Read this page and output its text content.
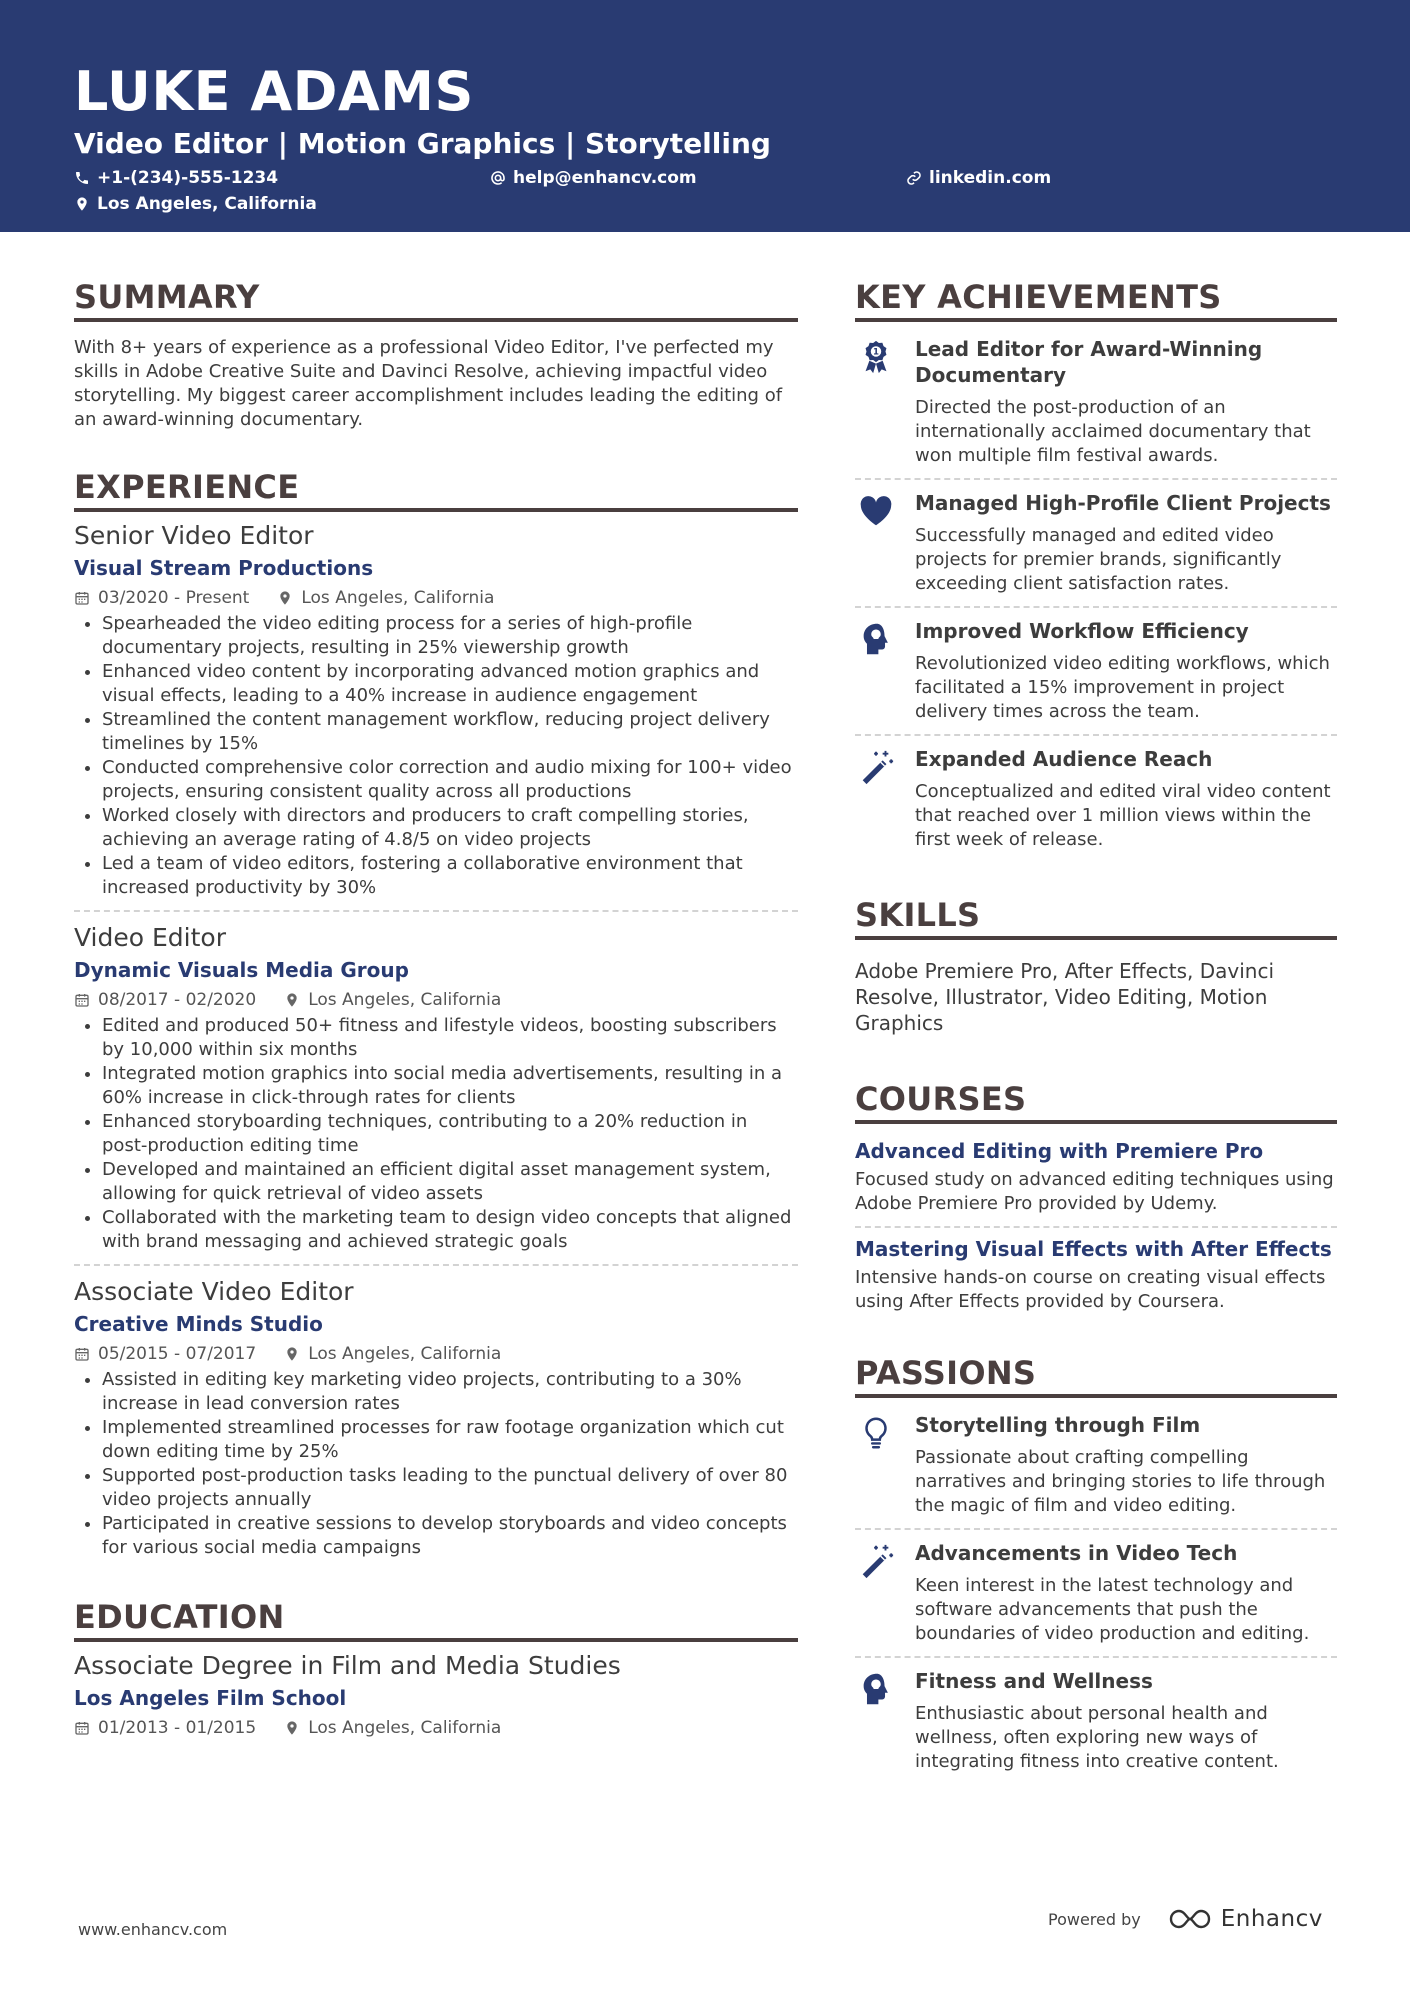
LUKE ADAMS
Video Editor | Motion Graphics | Storytelling
+1-(234)-555-1234	help@enhancv.com	linkedin.com
Los Angeles, California
SUMMARY

With 8+ years of experience as a professional Video Editor, I've perfected my skills in Adobe Creative Suite and Davinci Resolve, achieving impactful video storytelling. My biggest career accomplishment includes leading the editing of an award-winning documentary.

EXPERIENCE
Senior Video Editor
Visual Stream Productions
03/2020 - Present	Los Angeles, California
• Spearheaded the video editing process for a series of high-profile documentary projects, resulting in 25% viewership growth
• Enhanced video content by incorporating advanced motion graphics and visual effects, leading to a 40% increase in audience engagement
• Streamlined the content management workflow, reducing project delivery timelines by 15%
• Conducted comprehensive color correction and audio mixing for 100+ video projects, ensuring consistent quality across all productions
• Worked closely with directors and producers to craft compelling stories, achieving an average rating of 4.8/5 on video projects
• Led a team of video editors, fostering a collaborative environment that increased productivity by 30%
Video Editor
Dynamic Visuals Media Group
08/2017 - 02/2020	Los Angeles, California
• Edited and produced 50+ fitness and lifestyle videos, boosting subscribers by 10,000 within six months
• Integrated motion graphics into social media advertisements, resulting in a 60% increase in click-through rates for clients
• Enhanced storyboarding techniques, contributing to a 20% reduction in post-production editing time
• Developed and maintained an efficient digital asset management system, allowing for quick retrieval of video assets
• Collaborated with the marketing team to design video concepts that aligned with brand messaging and achieved strategic goals
Associate Video Editor
Creative Minds Studio
05/2015 - 07/2017	Los Angeles, California
• Assisted in editing key marketing video projects, contributing to a 30% increase in lead conversion rates
• Implemented streamlined processes for raw footage organization which cut down editing time by 25%
• Supported post-production tasks leading to the punctual delivery of over 80 video projects annually
• Participated in creative sessions to develop storyboards and video concepts for various social media campaigns
EDUCATION
Associate Degree in Film and Media Studies
Los Angeles Film School
01/2013 - 01/2015	Los Angeles, California
KEY ACHIEVEMENTS
1 Lead Editor for Award-Winning Documentary
Directed the post-production of an internationally acclaimed documentary that won multiple film festival awards.
Managed High-Profile Client Projects
Successfully managed and edited video projects for premier brands, significantly exceeding client satisfaction rates.
Improved Workflow Efficiency
Revolutionized video editing workflows, which facilitated a 15% improvement in project delivery times across the team.
Expanded Audience Reach
Conceptualized and edited viral video content that reached over 1 million views within the first week of release.
SKILLS

Adobe Premiere Pro, After Effects, Davinci Resolve, Illustrator, Video Editing, Motion Graphics

COURSES
Advanced Editing with Premiere Pro
Focused study on advanced editing techniques using Adobe Premiere Pro provided by Udemy.
Mastering Visual Effects with After Effects
Intensive hands-on course on creating visual effects using After Effects provided by Coursera.
PASSIONS
Storytelling through Film
Passionate about crafting compelling narratives and bringing stories to life through the magic of film and video editing.
Advancements in Video Tech
Keen interest in the latest technology and software advancements that push the boundaries of video production and editing.
Fitness and Wellness
Enthusiastic about personal health and wellness, often exploring new ways of integrating fitness into creative content.
www.enhancv.com
Powered by	Enhancv
